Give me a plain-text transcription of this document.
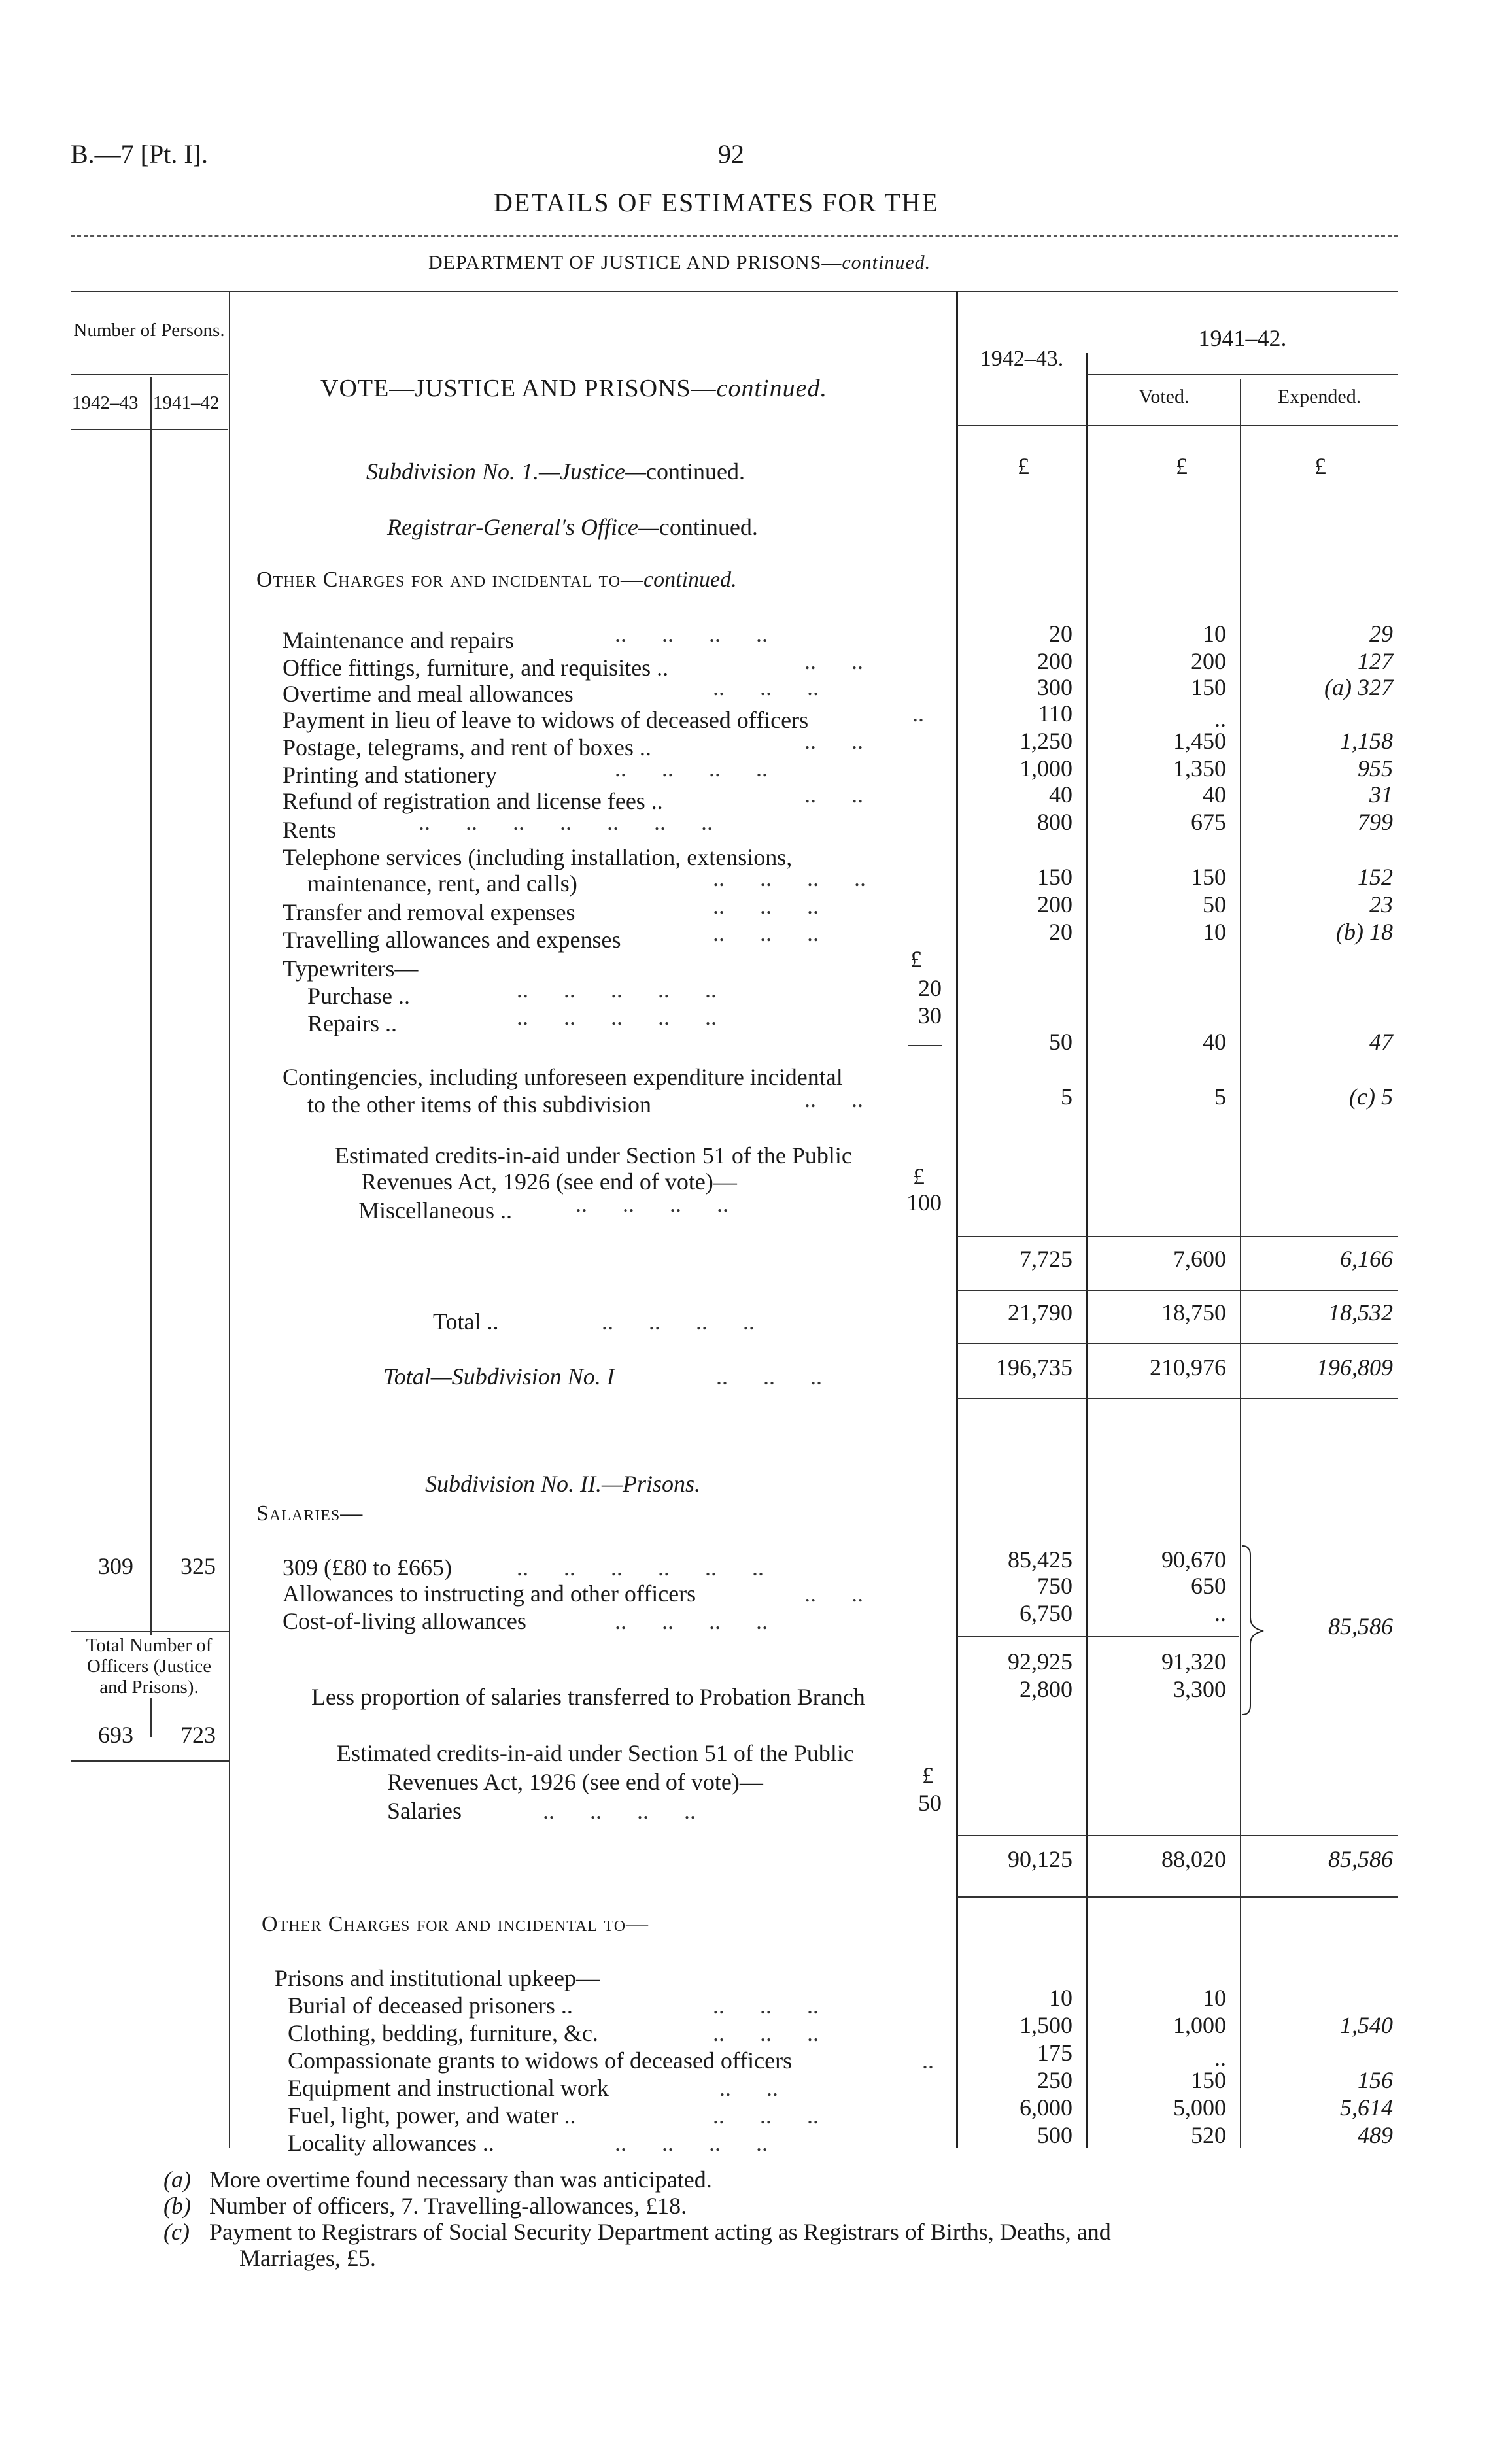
B.—7 [Pt. I].	92
DETAILS OF ESTIMATES FOR THE
DEPARTMENT OF JUSTICE AND PRISONS—continued.
Number of Persons.
1942–43 1941–42
1942–43.
1941–42.
Voted.	Expended.
VOTE—JUSTICE AND PRISONS—continued.
£	£	£
Subdivision No. 1.—Justice—continued.
Registrar-General's Office—continued.
Other Charges for and incidental to—continued.
Maintenance and repairs	20	10	29
Office fittings, furniture, and requisites ..	200	200	127
Overtime and meal allowances	300	150	(a) 327
Payment in lieu of leave to widows of deceased officers	110	..
Postage, telegrams, and rent of boxes ..	1,250	1,450	1,158
Printing and stationery	1,000	1,350	955
Refund of registration and license fees ..	40	40	31
Rents	800	675	799
..      ..      ..      ..
..      ..
..      ..      ..
..
..      ..
..      ..      ..      ..
..      ..
..      ..      ..      ..      ..      ..      ..
Telephone services (including installation, extensions,
maintenance, rent, and calls)	..      ..      ..      ..	150	150	152
Transfer and removal expenses	..      ..      ..	200	50	23
Travelling allowances and expenses	..      ..      ..	20	10	(b) 18
Typewriters—	£
Purchase ..	..      ..      ..      ..      ..	20
Repairs ..	..      ..      ..      ..      ..	30
50	40	47
Contingencies, including unforeseen expenditure incidental
to the other items of this subdivision	..      ..	5	5	(c) 5
Estimated credits-in-aid under Section 51 of the Public
Revenues Act, 1926 (see end of vote)—	£
Miscellaneous ..	..      ..      ..      ..	100
7,725	7,600	6,166
Total ..	..      ..      ..      ..	21,790	18,750	18,532
Total—Subdivision No. I	..      ..      ..	196,735	210,976	196,809
Subdivision No. II.—Prisons.
Salaries—
309 325	309 (£80 to £665)	..      ..      ..      ..      ..      ..	85,425	90,670
Allowances to instructing and other officers	..      ..	750	650
Cost-of-living allowances	..      ..      ..      ..	6,750	..	85,586
92,925	91,320
Less proportion of salaries transferred to Probation Branch	2,800	3,300
Total Number of Officers (Justice and Prisons).
693 723
Estimated credits-in-aid under Section 51 of the Public
Revenues Act, 1926 (see end of vote)—	£
Salaries	..      ..      ..      ..	50
90,125	88,020	85,586
Other Charges for and incidental to—
Prisons and institutional upkeep—
Burial of deceased prisoners ..	..      ..      ..	10	10
Clothing, bedding, furniture, &c.	..      ..      ..	1,500	1,000	1,540
Compassionate grants to widows of deceased officers	..	175	..
Equipment and instructional work	..      ..	250	150	156
Fuel, light, power, and water ..	..      ..      ..	6,000	5,000	5,614
Locality allowances ..	..      ..      ..      ..	500	520	489
(a) More overtime found necessary than was anticipated.
(b) Number of officers, 7. Travelling-allowances, £18.
(c) Payment to Registrars of Social Security Department acting as Registrars of Births, Deaths, and
Marriages, £5.
